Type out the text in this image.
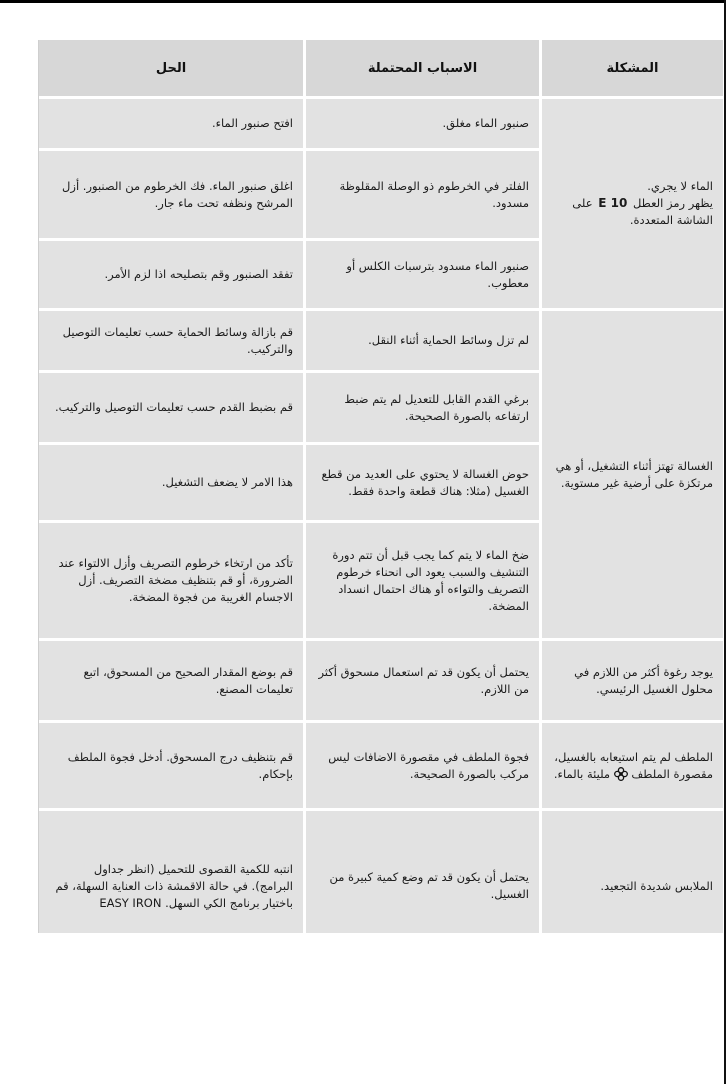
المشكلة	الاسباب المحتملة	الحل
الماء لا يجري.
يظهر رمز العطل E 10 على الشاشة المتعددة.	صنبور الماء مغلق.	افتح صنبور الماء.
	الفلتر في الخرطوم ذو الوصلة المقلوظة مسدود.	اغلق صنبور الماء. فك الخرطوم من الصنبور. أزل المرشح ونظفه تحت ماء جار.
	صنبور الماء مسدود بترسبات الكلس أو معطوب.	تفقد الصنبور وقم بتصليحه اذا لزم الأمر.
الغسالة تهتز أثناء التشغيل، أو هي مرتكزة على أرضية غير مستوية.	لم تزل وسائط الحماية أثناء النقل.	قم بازالة وسائط الحماية حسب تعليمات التوصيل والتركيب.
	برغي القدم القابل للتعديل لم يتم ضبط ارتفاعه بالصورة الصحيحة.	قم بضبط القدم حسب تعليمات التوصيل والتركيب.
	حوض الغسالة لا يحتوي على العديد من قطع الغسيل (مثلا: هناك قطعة واحدة فقط.	هذا الامر لا يضعف التشغيل.
	ضخ الماء لا يتم كما يجب قبل أن تتم دورة التنشيف والسبب يعود الى انحناء خرطوم التصريف والتواءه أو هناك احتمال انسداد المضخة.	تأكد من ارتخاء خرطوم التصريف وأزل الالتواء عند الضرورة، أو قم بتنظيف مضخة التصريف. أزل الاجسام الغريبة من فجوة المضخة.
يوجد رغوة أكثر من اللازم في محلول الغسيل الرئيسي.	يحتمل أن يكون قد تم استعمال مسحوق أكثر من اللازم.	قم بوضع المقدار الصحيح من المسحوق، اتبع تعليمات المصنع.
الملطف لم يتم استيعابه بالغسيل، مقصورة الملطف  مليئة بالماء.	فجوة الملطف في مقصورة الاضافات ليس مركب بالصورة الصحيحة.	قم بتنظيف درج المسحوق. أدخل فجوة الملطف بإحكام.
الملابس شديدة التجعيد.	يحتمل أن يكون قد تم وضع كمية كبيرة من الغسيل.	انتبه للكمية القصوى للتحميل (انظر جداول البرامج). في حالة الاقمشة ذات العناية السهلة، قم باختيار برنامج الكي السهل. EASY IRON
